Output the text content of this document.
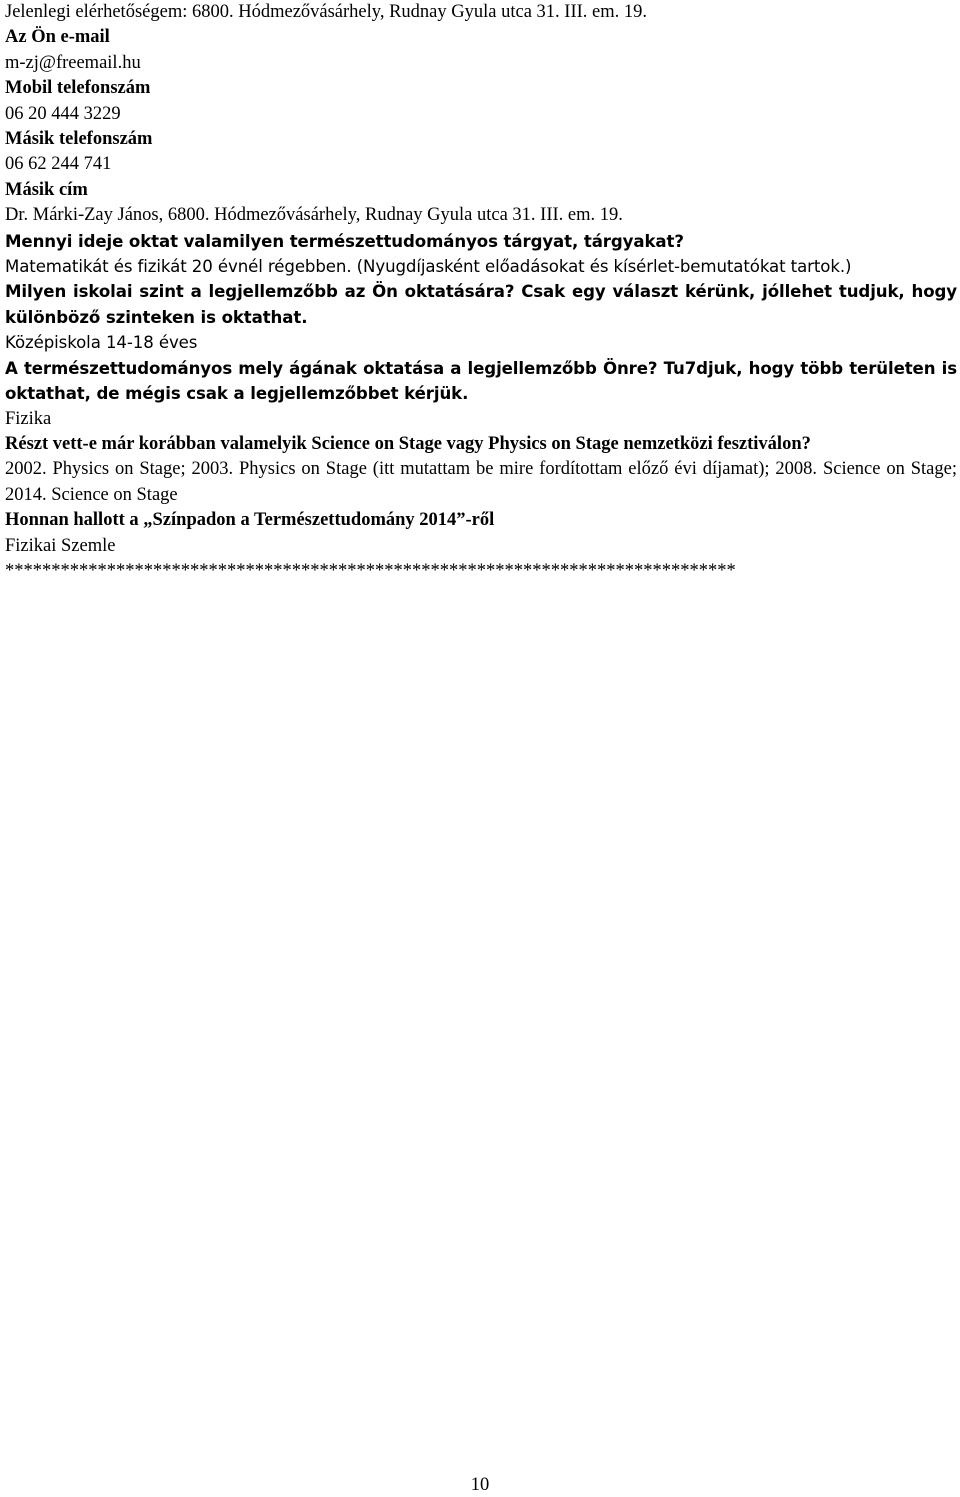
Jelenlegi elérhetőségem: 6800. Hódmezővásárhely, Rudnay Gyula utca 31. III. em. 19.

Az Ön e-mail

m-zj@freemail.hu

Mobil telefonszám

06 20 444 3229

Másik telefonszám

06 62 244 741

Másik cím

Dr. Márki-Zay János, 6800. Hódmezővásárhely, Rudnay Gyula utca 31. III. em. 19.

Mennyi ideje oktat valamilyen természettudományos tárgyat, tárgyakat?

Matematikát és fizikát 20 évnél régebben. (Nyugdíjasként előadásokat és kísérlet-bemutatókat tartok.)

Milyen iskolai szint a legjellemzőbb az Ön oktatására? Csak egy választ kérünk, jóllehet tudjuk, hogy különböző szinteken is oktathat.

Középiskola 14-18 éves

A természettudományos mely ágának oktatása a legjellemzőbb Önre? Tu7djuk, hogy több területen is oktathat, de mégis csak a legjellemzőbbet kérjük.

Fizika

Részt vett-e már korábban valamelyik Science on Stage vagy Physics on Stage nemzetközi fesztiválon?

2002. Physics on Stage; 2003. Physics on Stage (itt mutattam be mire fordítottam előző évi díjamat); 2008. Science on Stage; 2014. Science on Stage

Honnan hallott a „Színpadon a Természettudomány 2014”-ről

Fizikai Szemle

*******************************************************************************

10
